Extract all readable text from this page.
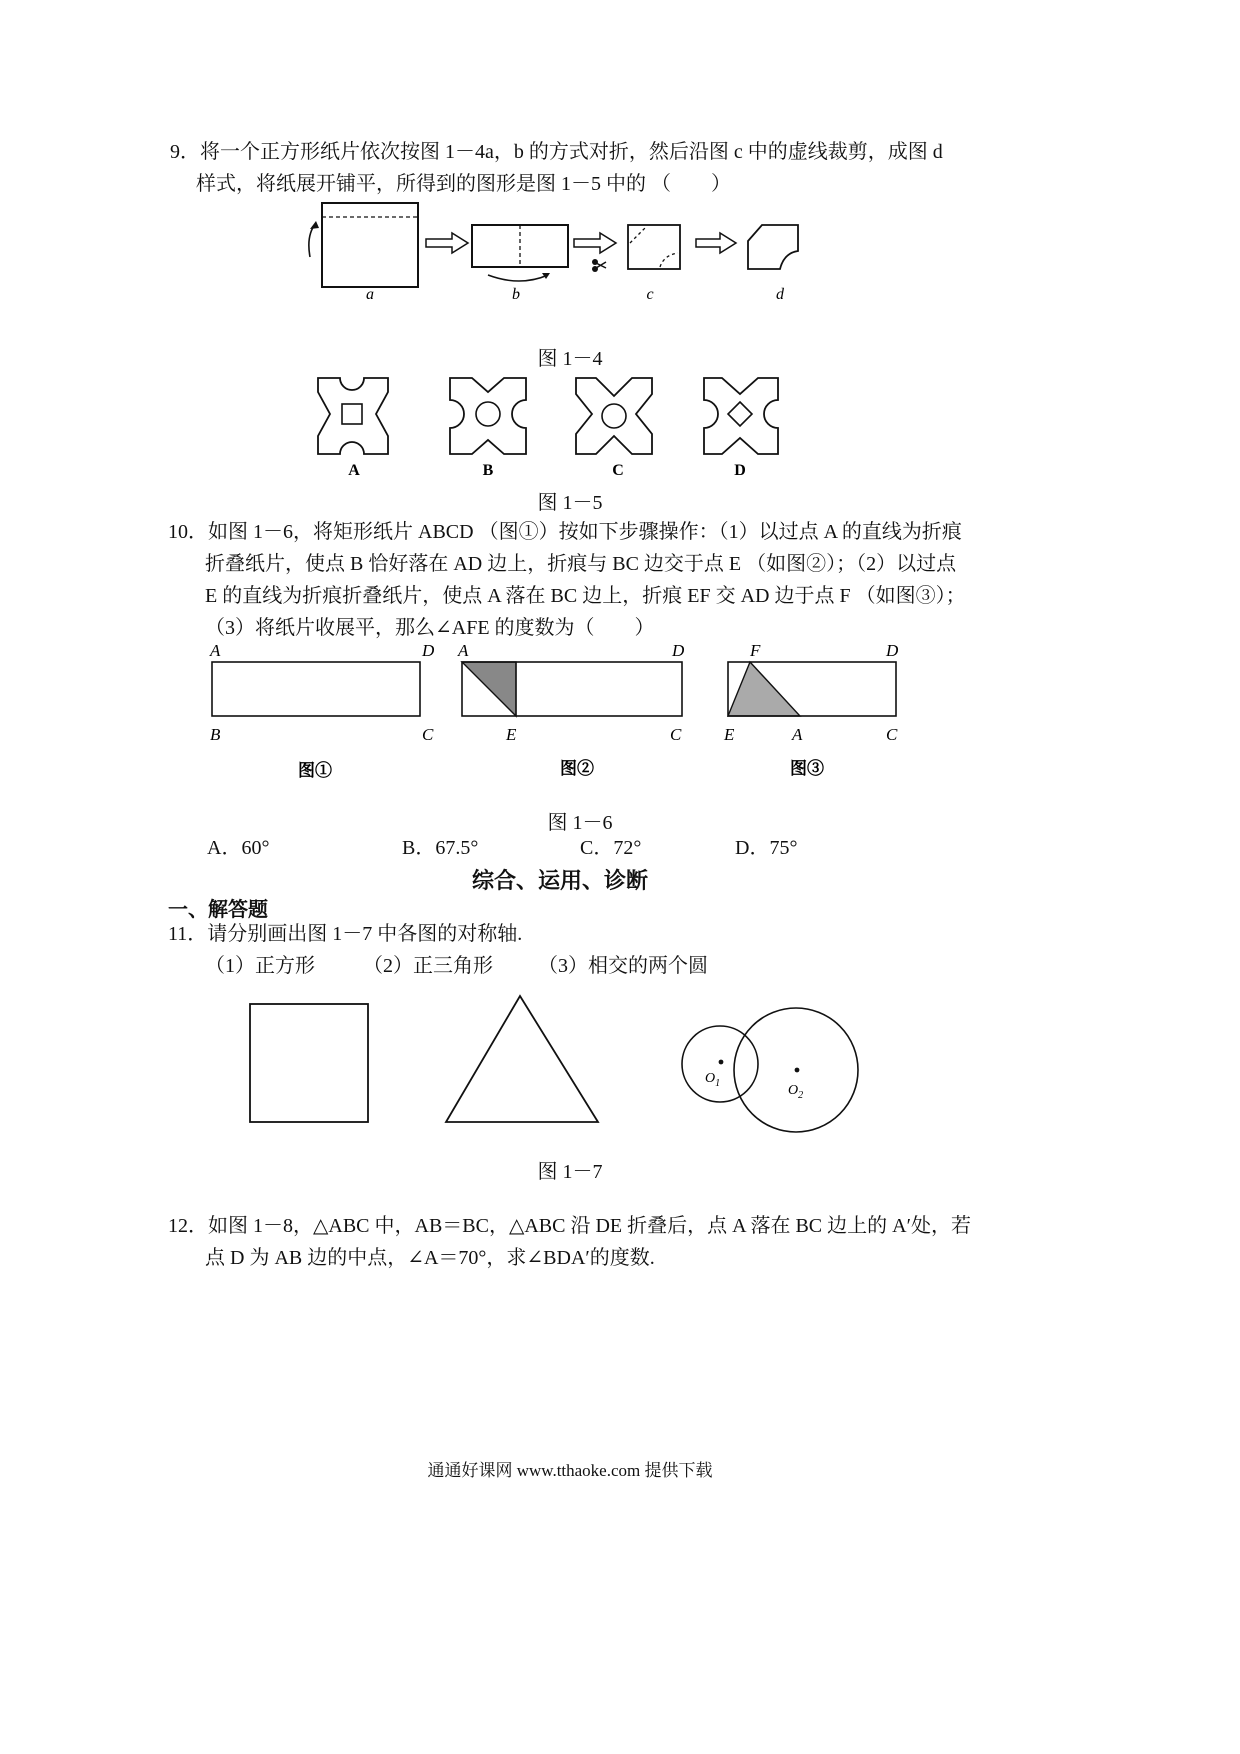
9．将一个正方形纸片依次按图 1－4a，b 的方式对折，然后沿图 c 中的虚线裁剪，成图 d
样式，将纸展开铺平，所得到的图形是图 1－5 中的 （　　）
a	b	c	d
图 1－4
A	B	C	D
图 1－5
10．如图 1－6，将矩形纸片 ABCD （图①）按如下步骤操作：（1）以过点 A 的直线为折痕
折叠纸片，使点 B 恰好落在 AD 边上，折痕与 BC 边交于点 E （如图②）；（2）以过点
E 的直线为折痕折叠纸片，使点 A 落在 BC 边上，折痕 EF 交 AD 边于点 F （如图③）；
（3）将纸片收展平，那么∠AFE 的度数为（　　）
A	D
B	C
图①
A	D
E	C
图②
F	D
E	A	C
图③
图 1－6
A．60°	B．67.5°	C．72°	D．75°
综合、运用、诊断
一、解答题
11．请分别画出图 1－7 中各图的对称轴.
（1）正方形 （2）正三角形 （3）相交的两个圆
$O_1$	$O_2$
图 1－7
12．如图 1－8，△ABC 中，AB＝BC，△ABC 沿 DE 折叠后，点 A 落在 BC 边上的 A′处，若
点 D 为 AB 边的中点，∠A＝70°，求∠BDA′的度数.
通通好课网 www.tthaoke.com 提供下载
